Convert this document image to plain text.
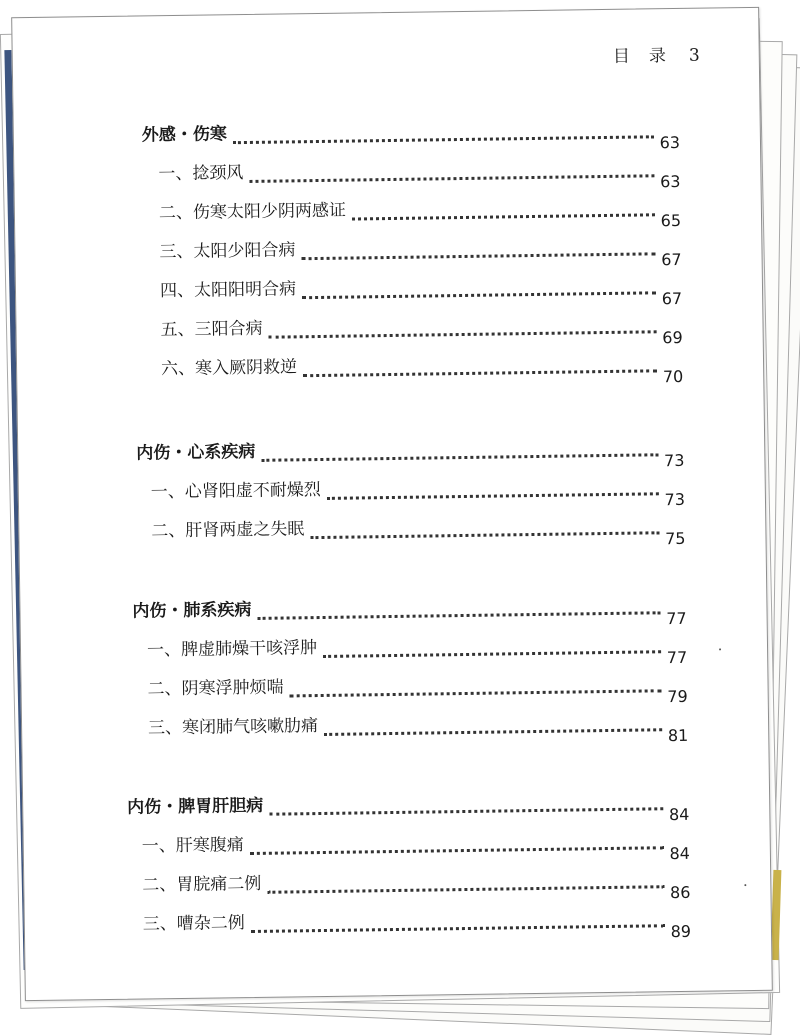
目　录 3
外感・伤寒	63
一、捻颈风	63
二、伤寒太阳少阴两感证	65
三、太阳少阳合病	67
四、太阳阳明合病	67
五、三阳合病	69
六、寒入厥阴救逆	70
内伤・心系疾病	73
一、心肾阳虚不耐燥烈	73
二、肝肾两虚之失眠	75
内伤・肺系疾病	77
一、脾虚肺燥干咳浮肿	77
二、阴寒浮肿烦喘	79
三、寒闭肺气咳嗽肋痛	81
内伤・脾胃肝胆病	84
一、肝寒腹痛	84
二、胃脘痛二例	86
三、嘈杂二例	89
